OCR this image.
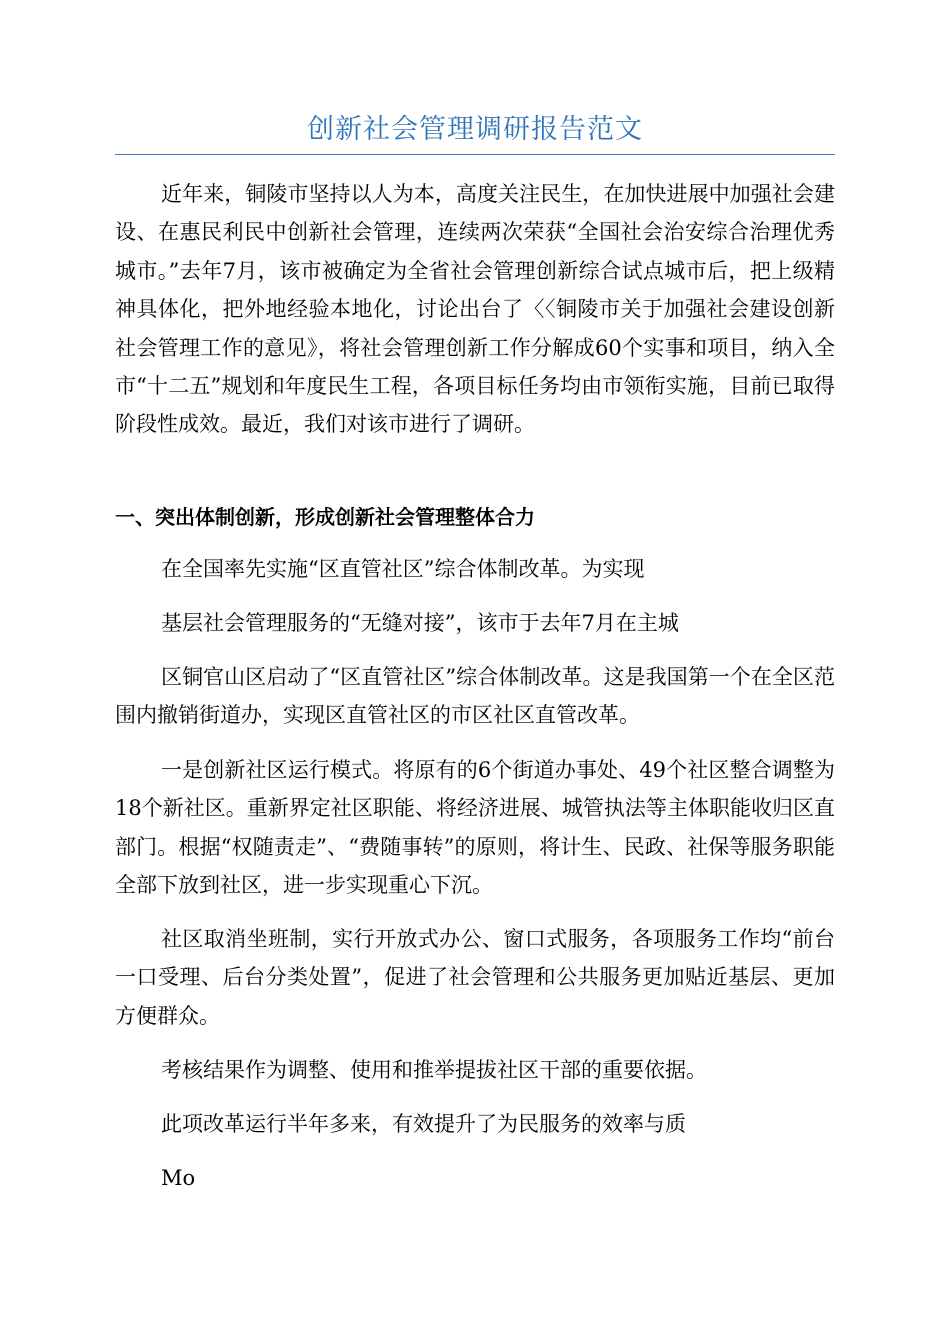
创新社会管理调研报告范文

近年来，铜陵市坚持以人为本，高度关注民生，在加快进展中加强社会建设、在惠民利民中创新社会管理，连续两次荣获“全国社会治安综合治理优秀城市。”去年7月，该市被确定为全省社会管理创新综合试点城市后，把上级精神具体化，把外地经验本地化，讨论出台了〈〈铜陵市关于加强社会建设创新社会管理工作的意见》，将社会管理创新工作分解成60个实事和项目，纳入全市“十二五”规划和年度民生工程，各项目标任务均由市领衔实施，目前已取得阶段性成效。最近，我们对该市进行了调研。

一、突出体制创新，形成创新社会管理整体合力

在全国率先实施“区直管社区”综合体制改革。为实现

基层社会管理服务的“无缝对接”，该市于去年7月在主城

区铜官山区启动了“区直管社区”综合体制改革。这是我国第一个在全区范围内撤销街道办，实现区直管社区的市区社区直管改革。

一是创新社区运行模式。将原有的6个街道办事处、49个社区整合调整为18个新社区。重新界定社区职能、将经济进展、城管执法等主体职能收归区直部门。根据“权随责走”、“费随事转”的原则，将计生、民政、社保等服务职能全部下放到社区，进一步实现重心下沉。

社区取消坐班制，实行开放式办公、窗口式服务，各项服务工作均“前台一口受理、后台分类处置”，促进了社会管理和公共服务更加贴近基层、更加方便群众。

考核结果作为调整、使用和推举提拔社区干部的重要依据。

此项改革运行半年多来，有效提升了为民服务的效率与质

Mo
